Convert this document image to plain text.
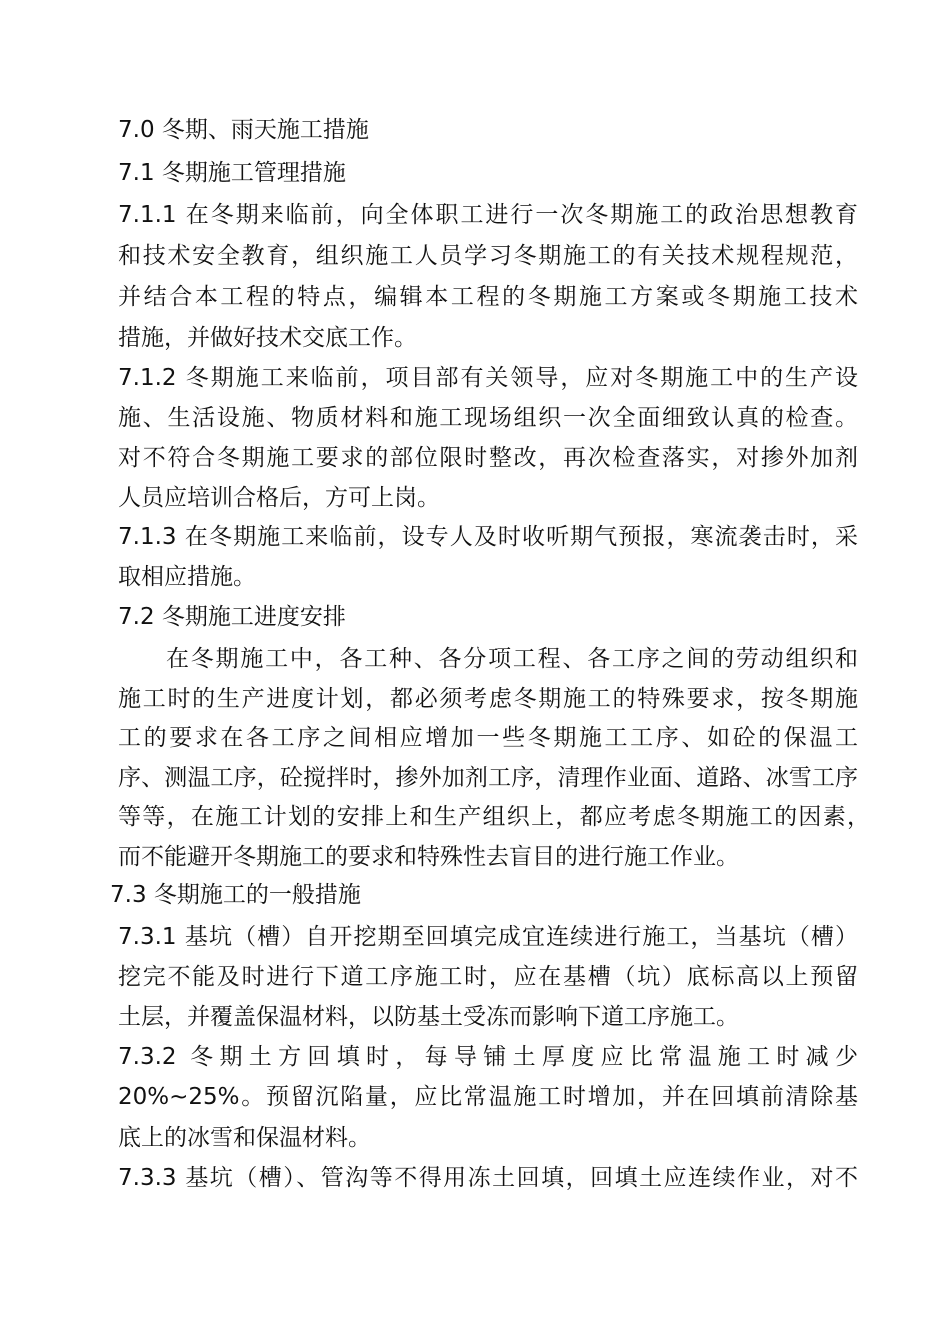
7.0 冬期、雨天施工措施
7.1 冬期施工管理措施
7.1.1 在冬期来临前，向全体职工进行一次冬期施工的政治思想教育
和技术安全教育，组织施工人员学习冬期施工的有关技术规程规范，
并结合本工程的特点，编辑本工程的冬期施工方案或冬期施工技术
措施，并做好技术交底工作。
7.1.2 冬期施工来临前，项目部有关领导，应对冬期施工中的生产设
施、生活设施、物质材料和施工现场组织一次全面细致认真的检查。
对不符合冬期施工要求的部位限时整改，再次检查落实，对掺外加剂
人员应培训合格后，方可上岗。
7.1.3 在冬期施工来临前，设专人及时收听期气预报，寒流袭击时，采
取相应措施。
7.2 冬期施工进度安排
在冬期施工中，各工种、各分项工程、各工序之间的劳动组织和
施工时的生产进度计划，都必须考虑冬期施工的特殊要求，按冬期施
工的要求在各工序之间相应增加一些冬期施工工序、如砼的保温工
序、测温工序，砼搅拌时，掺外加剂工序，清理作业面、道路、冰雪工序
等等，在施工计划的安排上和生产组织上，都应考虑冬期施工的因素，
而不能避开冬期施工的要求和特殊性去盲目的进行施工作业。
7.3 冬期施工的一般措施
7.3.1 基坑（槽）自开挖期至回填完成宜连续进行施工，当基坑（槽）
挖完不能及时进行下道工序施工时，应在基槽（坑）底标高以上预留
土层，并覆盖保温材料，以防基土受冻而影响下道工序施工。
7.3.2 冬期土方回填时，每导铺土厚度应比常温施工时减少
20%~25%。预留沉陷量，应比常温施工时增加，并在回填前清除基
底上的冰雪和保温材料。
7.3.3 基坑（槽）、管沟等不得用冻土回填，回填土应连续作业，对不
